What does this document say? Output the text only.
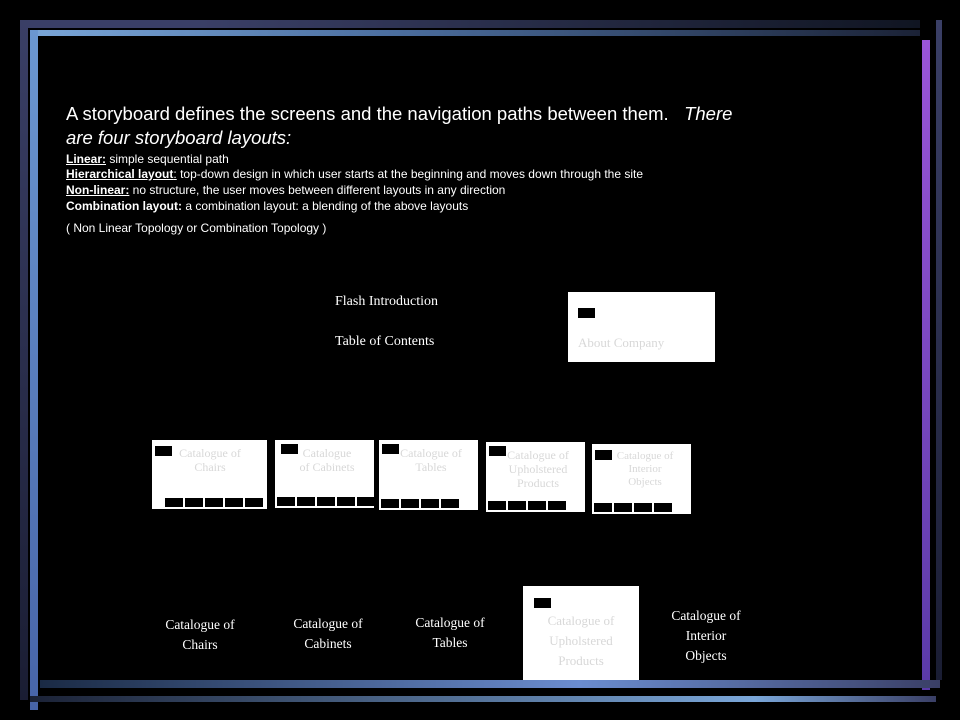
A storyboard defines the screens and the navigation paths between them. There
are four storyboard layouts:
Linear: simple sequential path
Hierarchical layout: top-down design in which user starts at the beginning and moves down through the site
Non-linear: no structure, the user moves between different layouts in any direction
Combination layout: a combination layout: a blending of the above layouts
( Non Linear Topology or Combination Topology )
Flash Introduction
Table of Contents	About Company
Catalogue of
Chairs
Catalogue
of Cabinets
Catalogue of
Tables
Catalogue of
Upholstered
Products
Catalogue of
Interior
Objects
Catalogue of
Chairs
Catalogue of
Cabinets
Catalogue of
Tables
Catalogue of
Upholstered
Products
Catalogue of
Interior
Objects
